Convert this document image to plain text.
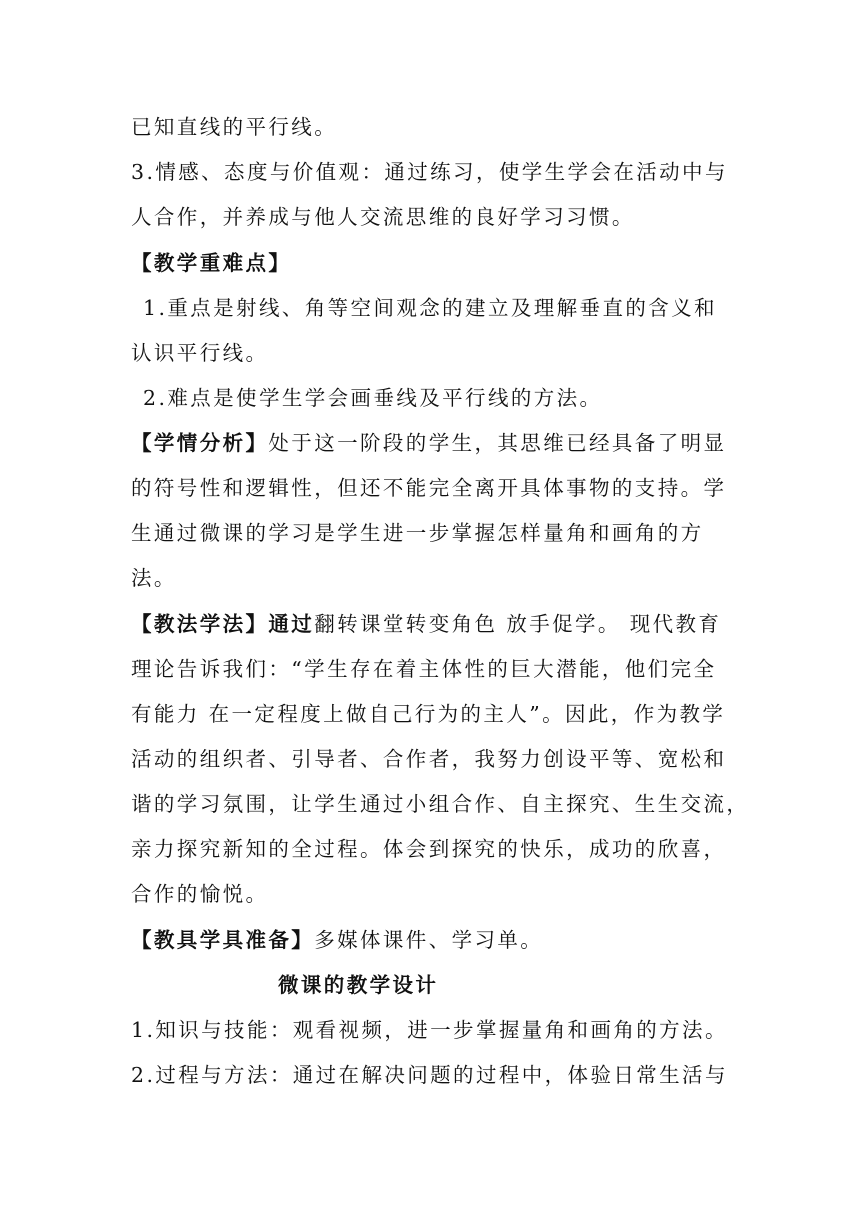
已知直线的平行线。
3.情感、态度与价值观：通过练习，使学生学会在活动中与
人合作，并养成与他人交流思维的良好学习习惯。
【教学重难点】
1.重点是射线、角等空间观念的建立及理解垂直的含义和
认识平行线。
2.难点是使学生学会画垂线及平行线的方法。
【学情分析】处于这一阶段的学生，其思维已经具备了明显
的符号性和逻辑性，但还不能完全离开具体事物的支持。学
生通过微课的学习是学生进一步掌握怎样量角和画角的方
法。
【教法学法】通过翻转课堂转变角色 放手促学。 现代教育
理论告诉我们：“学生存在着主体性的巨大潜能，他们完全
有能力 在一定程度上做自己行为的主人”。因此，作为教学
活动的组织者、引导者、合作者，我努力创设平等、宽松和
谐的学习氛围，让学生通过小组合作、自主探究、生生交流，
亲力探究新知的全过程。体会到探究的快乐，成功的欣喜，
合作的愉悦。
【教具学具准备】多媒体课件、学习单。
微课的教学设计
1.知识与技能：观看视频，进一步掌握量角和画角的方法。
2.过程与方法：通过在解决问题的过程中，体验日常生活与
